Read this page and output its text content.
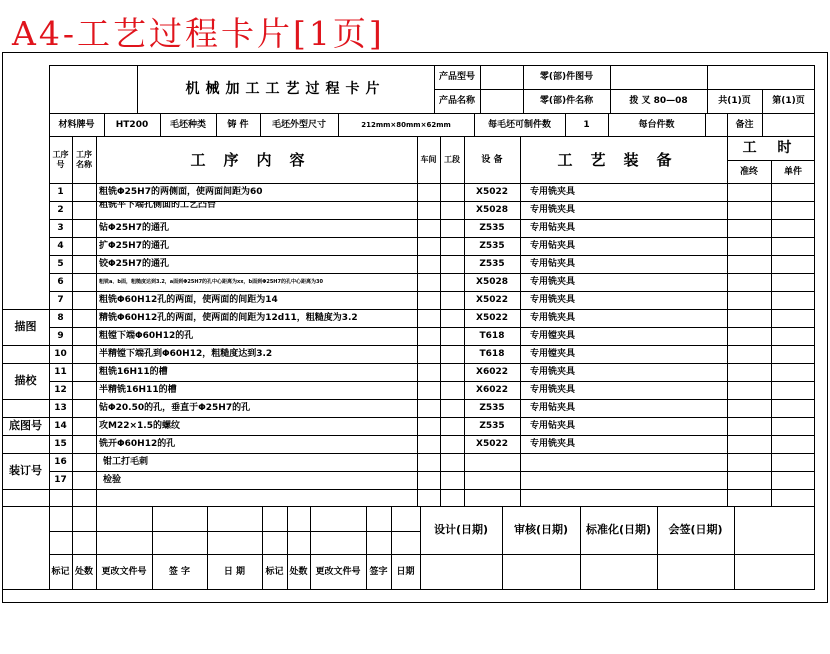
A4-工艺过程卡片[1页]
机械加工工艺过程卡片
产品型号	零(部)件图号
产品名称	零(部)件名称	拨 叉 80—08	共(1)页	第(1)页
材料牌号	HT200	毛坯种类	铸 件	毛坯外型尺寸	212mm×80mm×62mm	每毛坯可制件数	1	每台件数	备注
工序
号
工序
名称	工序内容	车间 工段	设 备	工艺装备
工 时
准终	单件
1	粗铣Φ25H7的两侧面，使两面间距为60	X5022	专用铣夹具
2	粗铣平下端孔侧面的工艺凸台	X5028	专用铣夹具
3	钻Φ25H7的通孔	Z535	专用钻夹具
4	扩Φ25H7的通孔	Z535	专用钻夹具
5	铰Φ25H7的通孔	Z535	专用钻夹具
6	粗铣a、b面，粗糙度达到3.2，a面到Φ25H7的孔中心距离为xx，b面到Φ25H7的孔中心距离为30	X5028	专用铣夹具
7	粗铣Φ60H12孔的两面，使两面的间距为14	X5022	专用铣夹具
8	精铣Φ60H12孔的两面，使两面的间距为12d11，粗糙度为3.2	X5022	专用铣夹具
9	粗镗下端Φ60H12的孔	T618	专用镗夹具
10	半精镗下端孔到Φ60H12，粗糙度达到3.2	T618	专用镗夹具
11	粗铣16H11的槽	X6022	专用铣夹具
12	半精铣16H11的槽	X6022	专用铣夹具
13	钻Φ20.50的孔，垂直于Φ25H7的孔	Z535	专用钻夹具
14	攻M22×1.5的螺纹	Z535	专用钻夹具
15	铣开Φ60H12的孔	X5022	专用铣夹具
16	钳工打毛刺
17	检验
描图
描校
底图号
装订号
标记 处数 更改文件号	签 字	日 期	标记 处数 更改文件号 签字 日期
设计(日期)	审核(日期)	标准化(日期)	会签(日期)
